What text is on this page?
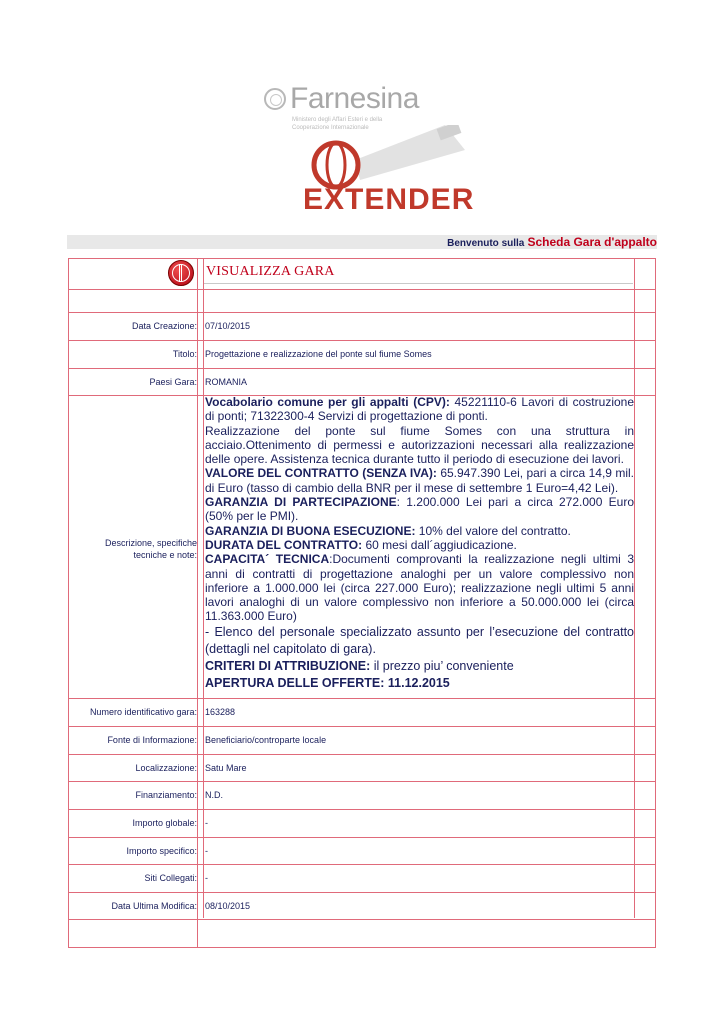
Farnesina
Ministero degli Affari Esteri e della Cooperazione Internazionale
EXTENDER
Benvenuto sulla Scheda Gara d'appalto
VISUALIZZA GARA
Data Creazione: 07/10/2015
Titolo: Progettazione e realizzazione del ponte sul fiume Somes
Paesi Gara: ROMANIA
Descrizione, specifiche
tecniche e note:

Vocabolario comune per gli appalti (CPV): 45221110-6 Lavori di costruzione di ponti; 71322300-4 Servizi di progettazione di ponti.

Realizzazione del ponte sul fiume Somes con una struttura in acciaio.Ottenimento di permessi e autorizzazioni necessari alla realizzazione delle opere. Assistenza tecnica durante tutto il periodo di esecuzione dei lavori.

VALORE DEL CONTRATTO (SENZA IVA): 65.947.390 Lei, pari a circa 14,9 mil. di Euro (tasso di cambio della BNR per il mese di settembre 1 Euro=4,42 Lei).

GARANZIA DI PARTECIPAZIONE: 1.200.000 Lei pari a circa 272.000 Euro (50% per le PMI).

GARANZIA DI BUONA ESECUZIONE: 10% del valore del contratto.

DURATA DEL CONTRATTO: 60 mesi dall´aggiudicazione.

CAPACITA´ TECNICA:Documenti comprovanti la realizzazione negli ultimi 3 anni di contratti di progettazione analoghi per un valore complessivo non inferiore a 1.000.000 lei (circa 227.000 Euro); realizzazione negli ultimi 5 anni lavori analoghi di un valore complessivo non inferiore a 50.000.000 lei (circa 11.363.000 Euro)

- Elenco del personale specializzato assunto per l’esecuzione del contratto (dettagli nel capitolato di gara).

CRITERI DI ATTRIBUZIONE: il prezzo piu’ conveniente

APERTURA DELLE OFFERTE: 11.12.2015

Numero identificativo gara: 163288
Fonte di Informazione: Beneficiario/controparte locale
Localizzazione: Satu Mare
Finanziamento: N.D.
Importo globale: -
Importo specifico: -
Siti Collegati: -
Data Ultima Modifica: 08/10/2015
